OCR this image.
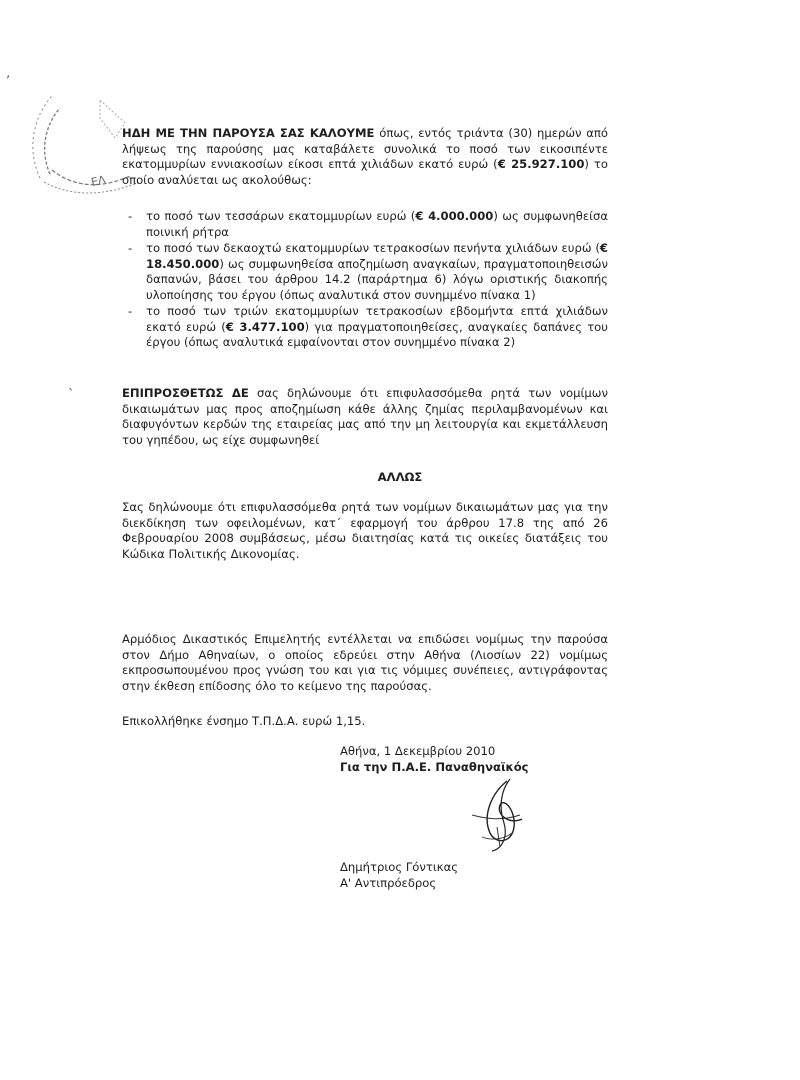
ΕΛ
ʼ
`

ΗΔΗ ΜΕ ΤΗΝ ΠΑΡΟΥΣΑ ΣΑΣ ΚΑΛΟΥΜΕ όπως, εντός τριάντα (30) ημερών από λήψεως της παρούσης μας καταβάλετε συνολικά το ποσό των εικοσιπέντε εκατομμυρίων εννιακοσίων είκοσι επτά χιλιάδων εκατό ευρώ (€ 25.927.100) το οποίο αναλύεται ως ακολούθως:

- το ποσό των τεσσάρων εκατομμυρίων ευρώ (€ 4.000.000) ως συμφωνηθείσα ποινική ρήτρα

- το ποσό των δεκαοχτώ εκατομμυρίων τετρακοσίων πενήντα χιλιάδων ευρώ (€ 18.450.000) ως συμφωνηθείσα αποζημίωση αναγκαίων, πραγματοποιηθεισών δαπανών, βάσει του άρθρου 14.2 (παράρτημα 6) λόγω οριστικής διακοπής υλοποίησης του έργου (όπως αναλυτικά στον συνημμένο πίνακα 1)

- το ποσό των τριών εκατομμυρίων τετρακοσίων εβδομήντα επτά χιλιάδων εκατό ευρώ (€ 3.477.100) για πραγματοποιηθείσες, αναγκαίες δαπάνες του έργου (όπως αναλυτικά εμφαίνονται στον συνημμένο πίνακα 2)

ΕΠΙΠΡΟΣΘΕΤΩΣ ΔΕ σας δηλώνουμε ότι επιφυλασσόμεθα ρητά των νομίμων δικαιωμάτων μας προς αποζημίωση κάθε άλλης ζημίας περιλαμβανομένων και διαφυγόντων κερδών της εταιρείας μας από την μη λειτουργία και εκμετάλλευση του γηπέδου, ως είχε συμφωνηθεί

ΑΛΛΩΣ

Σας δηλώνουμε ότι επιφυλασσόμεθα ρητά των νομίμων δικαιωμάτων μας για την διεκδίκηση των οφειλομένων, κατ΄ εφαρμογή του άρθρου 17.8 της από 26 Φεβρουαρίου 2008 συμβάσεως, μέσω διαιτησίας κατά τις οικείες διατάξεις του Κώδικα Πολιτικής Δικονομίας.

Αρμόδιος Δικαστικός Επιμελητής εντέλλεται να επιδώσει νομίμως την παρούσα στον Δήμο Αθηναίων, ο οποίος εδρεύει στην Αθήνα (Λιοσίων 22) νομίμως εκπροσωπουμένου προς γνώση του και για τις νόμιμες συνέπειες, αντιγράφοντας στην έκθεση επίδοσης όλο το κείμενο της παρούσας.

Επικολλήθηκε ένσημο Τ.Π.Δ.Α. ευρώ 1,15.

Αθήνα, 1 Δεκεμβρίου 2010

Για την Π.Α.Ε. Παναθηναϊκός

Δημήτριος Γόντικας

Α' Αντιπρόεδρος
